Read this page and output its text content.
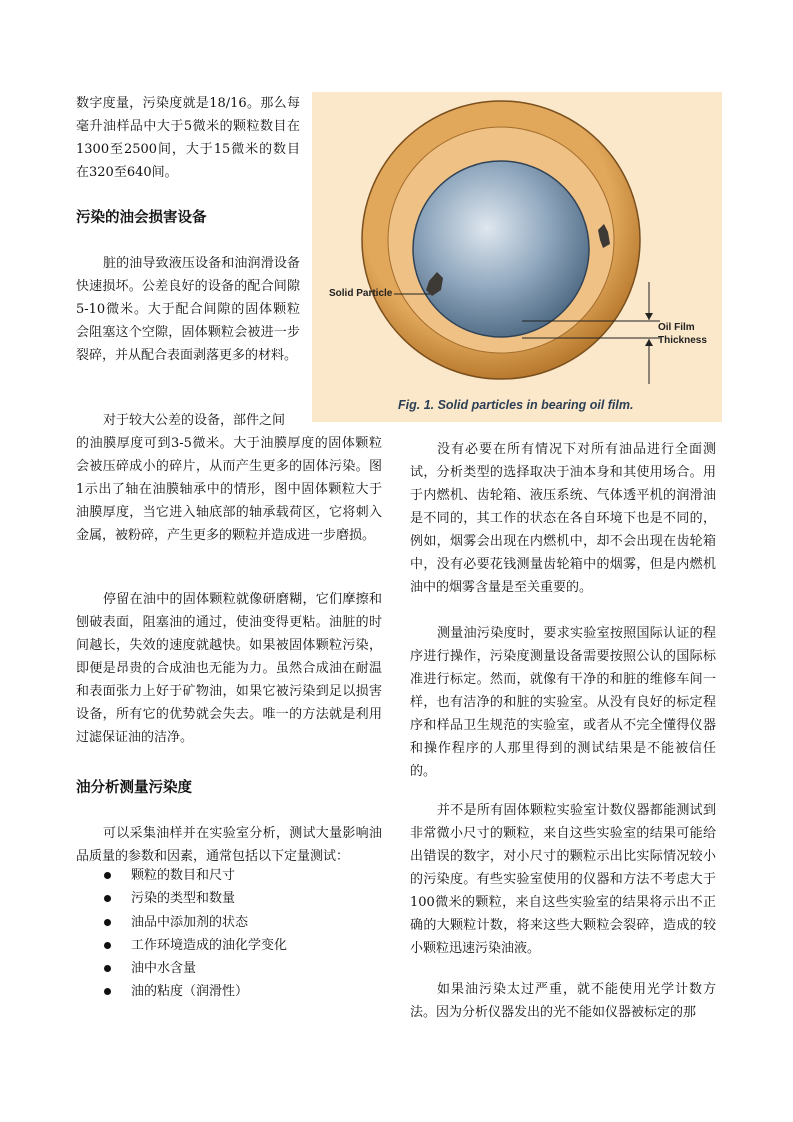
数字度量，污染度就是18/16。那么每毫升油样品中大于5微米的颗粒数目在1300至2500间，大于15微米的数目在320至640间。

污染的油会损害设备

脏的油导致液压设备和油润滑设备快速损坏。公差良好的设备的配合间隙5-10微米。大于配合间隙的固体颗粒会阻塞这个空隙，固体颗粒会被进一步裂碎，并从配合表面剥落更多的材料。

对于较大公差的设备，部件之间

的油膜厚度可到3-5微米。大于油膜厚度的固体颗粒会被压碎成小的碎片，从而产生更多的固体污染。图1示出了轴在油膜轴承中的情形，图中固体颗粒大于油膜厚度，当它进入轴底部的轴承载荷区，它将刺入金属，被粉碎，产生更多的颗粒并造成进一步磨损。

停留在油中的固体颗粒就像研磨糊，它们摩擦和刨破表面，阻塞油的通过，使油变得更粘。油脏的时间越长，失效的速度就越快。如果被固体颗粒污染，即便是昂贵的合成油也无能为力。虽然合成油在耐温和表面张力上好于矿物油，如果它被污染到足以损害设备，所有它的优势就会失去。唯一的方法就是利用过滤保证油的洁净。

油分析测量污染度

可以采集油样并在实验室分析，测试大量影响油品质量的参数和因素，通常包括以下定量测试：

颗粒的数目和尺寸
污染的类型和数量
油品中添加剂的状态
工作环境造成的油化学变化
油中水含量
油的粘度（润滑性）
Solid Particle
Oil Film
Thickness
Fig. 1. Solid particles in bearing oil film.

没有必要在所有情况下对所有油品进行全面测试，分析类型的选择取决于油本身和其使用场合。用于内燃机、齿轮箱、液压系统、气体透平机的润滑油是不同的，其工作的状态在各自环境下也是不同的，例如，烟雾会出现在内燃机中，却不会出现在齿轮箱中，没有必要花钱测量齿轮箱中的烟雾，但是内燃机油中的烟雾含量是至关重要的。

测量油污染度时，要求实验室按照国际认证的程序进行操作，污染度测量设备需要按照公认的国际标准进行标定。然而，就像有干净的和脏的维修车间一样，也有洁净的和脏的实验室。从没有良好的标定程序和样品卫生规范的实验室，或者从不完全懂得仪器和操作程序的人那里得到的测试结果是不能被信任的。

并不是所有固体颗粒实验室计数仪器都能测试到非常微小尺寸的颗粒，来自这些实验室的结果可能给出错误的数字，对小尺寸的颗粒示出比实际情况较小的污染度。有些实验室使用的仪器和方法不考虑大于100微米的颗粒，来自这些实验室的结果将示出不正确的大颗粒计数，将来这些大颗粒会裂碎，造成的较小颗粒迅速污染油液。

如果油污染太过严重，就不能使用光学计数方法。因为分析仪器发出的光不能如仪器被标定的那
